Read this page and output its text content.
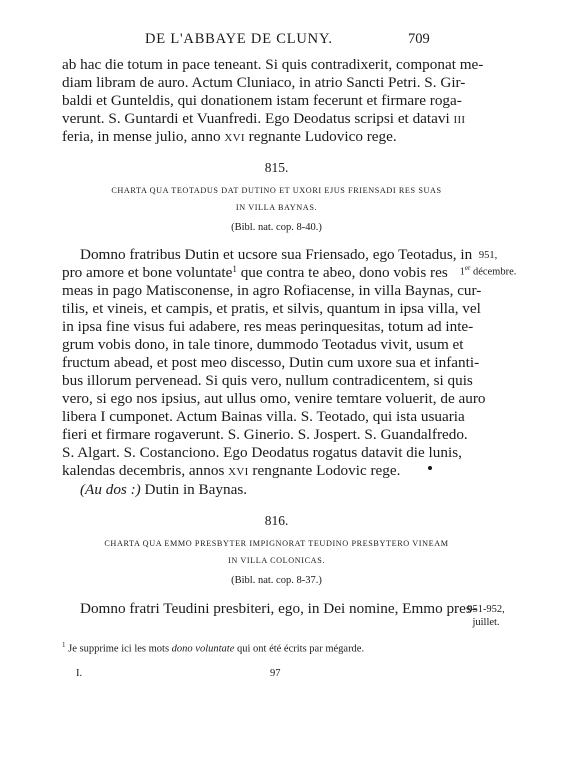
DE L'ABBAYE DE CLUNY.	709
ab hac die totum in pace teneant. Si quis contradixerit, componat me-
diam libram de auro. Actum Cluniaco, in atrio Sancti Petri. S. Gir-
baldi et Gunteldis, qui donationem istam fecerunt et firmare roga-
verunt. S. Guntardi et Vuanfredi. Ego Deodatus scripsi et datavi III
feria, in mense julio, anno XVI regnante Ludovico rege.
815.
CHARTA QUA TEOTADUS DAT DUTINO ET UXORI EJUS FRIENSADI RES SUAS
IN VILLA BAYNAS.
(Bibl. nat. cop. 8-40.)
951,
1er décembre.
Domno fratribus Dutin et ucsore sua Friensado, ego Teotadus, in
pro amore et bone voluntate$^1$ que contra te abeo, dono vobis res
meas in pago Matisconense, in agro Rofiacense, in villa Baynas, cur-
tilis, et vineis, et campis, et pratis, et silvis, quantum in ipsa villa, vel
in ipsa fine visus fui adabere, res meas perinquesitas, totum ad inte-
grum vobis dono, in tale tinore, dummodo Teotadus vivit, usum et
fructum abead, et post meo discesso, Dutin cum uxore sua et infanti-
bus illorum pervenead. Si quis vero, nullum contradicentem, si quis
vero, si ego nos ipsius, aut ullus omo, venire temtare voluerit, de auro
libera I cumponet. Actum Bainas villa. S. Teotado, qui ista usuaria
fieri et firmare rogaverunt. S. Ginerio. S. Jospert. S. Guandalfredo.
S. Algart. S. Costanciono. Ego Deodatus rogatus datavit die lunis,
kalendas decembris, annos XVI rengnante Lodovic rege.
(Au dos :) Dutin in Baynas.
816.
CHARTA QUA EMMO PRESBYTER IMPIGNORAT TEUDINO PRESBYTERO VINEAM
IN VILLA COLONICAS.
(Bibl. nat. cop. 8-37.)
951-952,
juillet.
Domno fratri Teudini presbiteri, ego, in Dei nomine, Emmo pres-
$^1$ Je supprime ici les mots dono voluntate qui ont été écrits par mégarde.
I.	97
